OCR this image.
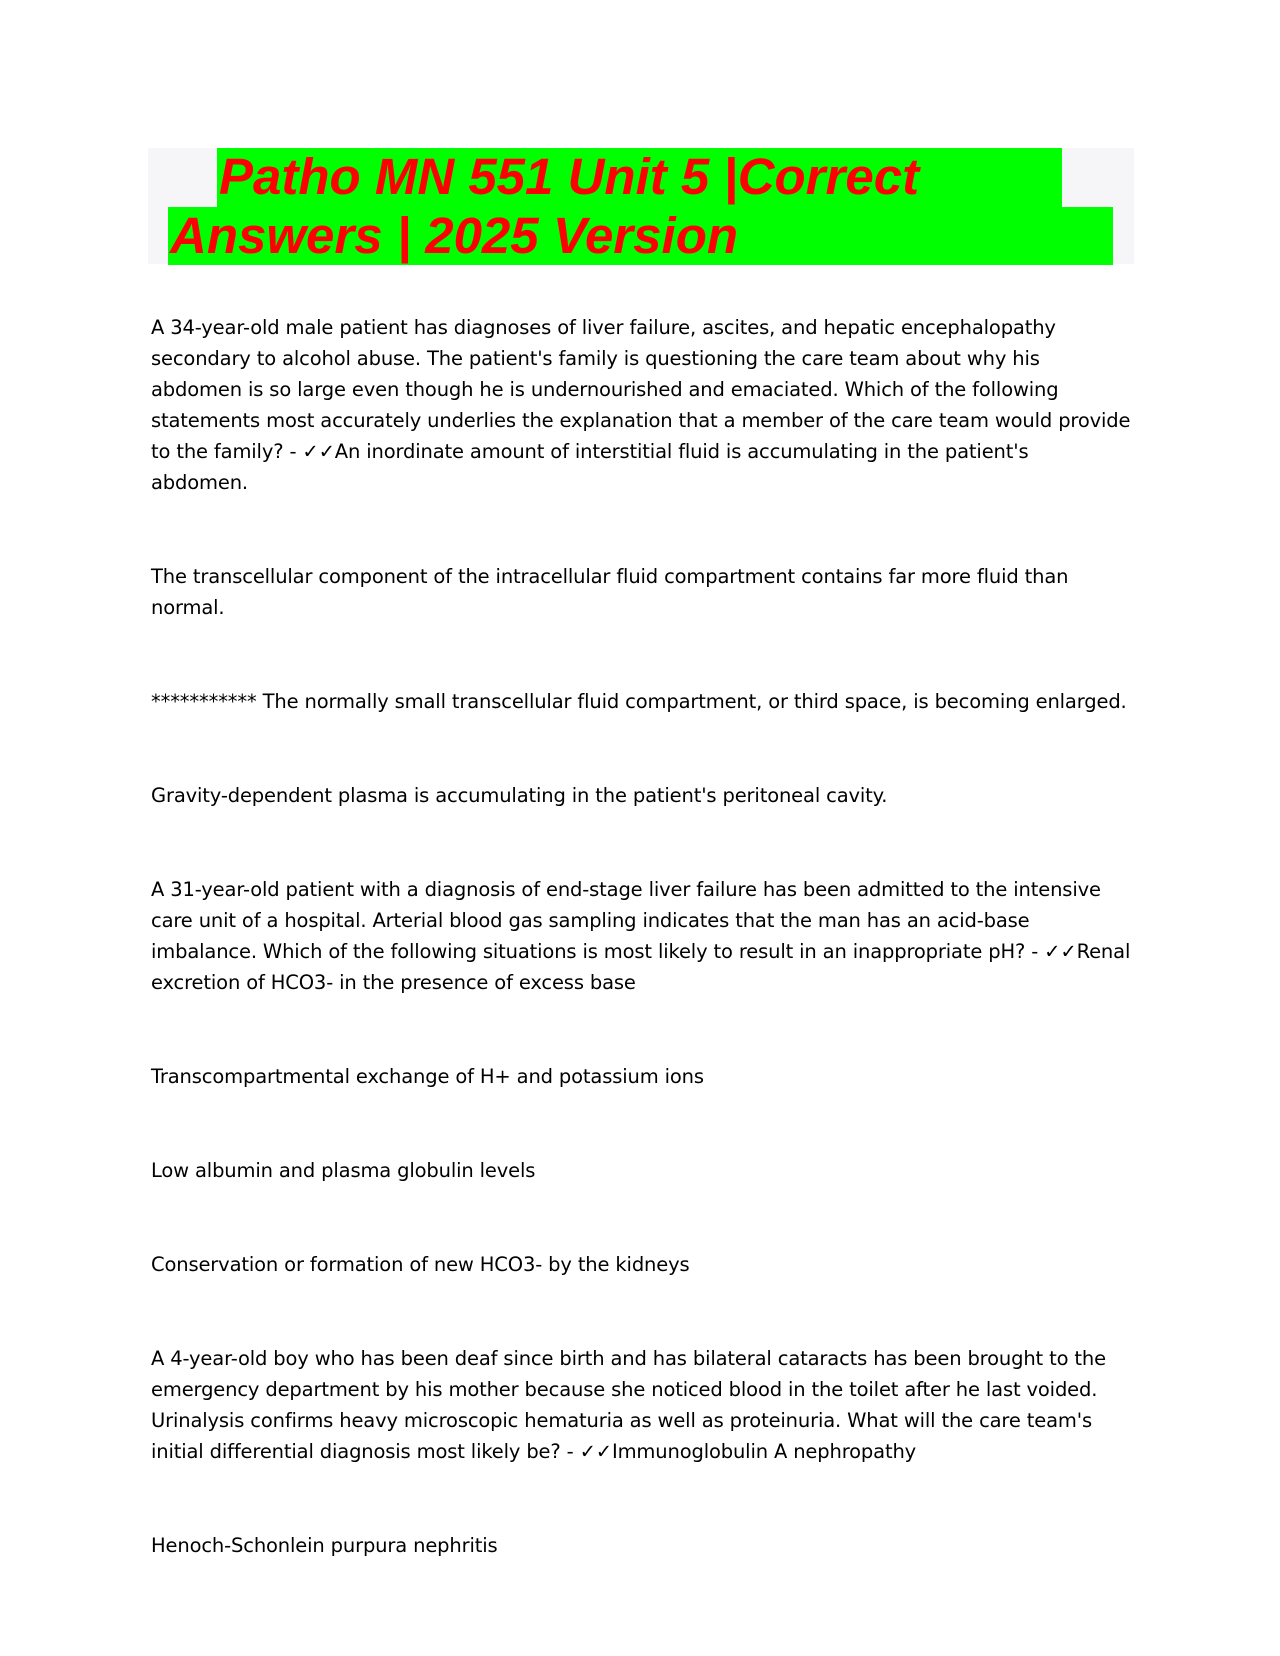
Patho MN 551 Unit 5 |Correct
Answers | 2025 Version

A 34-year-old male patient has diagnoses of liver failure, ascites, and hepatic encephalopathy secondary to alcohol abuse. The patient's family is questioning the care team about why his abdomen is so large even though he is undernourished and emaciated. Which of the following statements most accurately underlies the explanation that a member of the care team would provide to the family? - ✓✓An inordinate amount of interstitial fluid is accumulating in the patient's abdomen.

The transcellular component of the intracellular fluid compartment contains far more fluid than normal.

*********** The normally small transcellular fluid compartment, or third space, is becoming enlarged.

Gravity-dependent plasma is accumulating in the patient's peritoneal cavity.

A 31-year-old patient with a diagnosis of end-stage liver failure has been admitted to the intensive care unit of a hospital. Arterial blood gas sampling indicates that the man has an acid-base imbalance. Which of the following situations is most likely to result in an inappropriate pH? - ✓✓Renal excretion of HCO3- in the presence of excess base

Transcompartmental exchange of H+ and potassium ions

Low albumin and plasma globulin levels

Conservation or formation of new HCO3- by the kidneys

A 4-year-old boy who has been deaf since birth and has bilateral cataracts has been brought to the emergency department by his mother because she noticed blood in the toilet after he last voided. Urinalysis confirms heavy microscopic hematuria as well as proteinuria. What will the care team's initial differential diagnosis most likely be? - ✓✓Immunoglobulin A nephropathy

Henoch-Schonlein purpura nephritis
